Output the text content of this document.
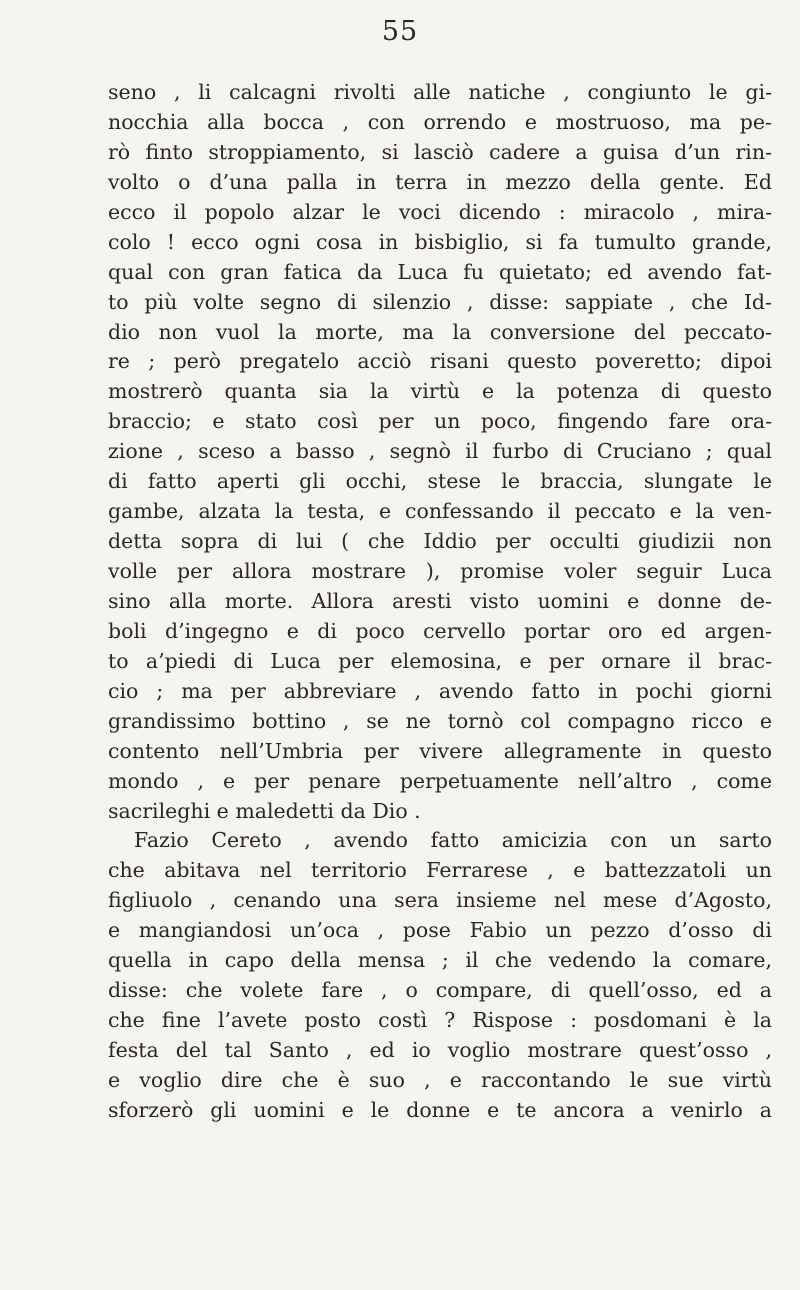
55
seno , li calcagni rivolti alle natiche , congiunto le gi-
nocchia alla bocca , con orrendo e mostruoso, ma pe-
rò finto stroppiamento, si lasciò cadere a guisa d’un rin-
volto o d’una palla in terra in mezzo della gente. Ed
ecco il popolo alzar le voci dicendo : miracolo , mira-
colo ! ecco ogni cosa in bisbiglio, si fa tumulto grande,
qual con gran fatica da Luca fu quietato; ed avendo fat-
to più volte segno di silenzio , disse: sappiate , che Id-
dio non vuol la morte, ma la conversione del peccato-
re ; però pregatelo acciò risani questo poveretto; dipoi
mostrerò quanta sia la virtù e la potenza di questo
braccio; e stato così per un poco, fingendo fare ora-
zione , sceso a basso , segnò il furbo di Cruciano ; qual
di fatto aperti gli occhi, stese le braccia, slungate le
gambe, alzata la testa, e confessando il peccato e la ven-
detta sopra di lui ( che Iddio per occulti giudizii non
volle per allora mostrare ), promise voler seguir Luca
sino alla morte. Allora aresti visto uomini e donne de-
boli d’ingegno e di poco cervello portar oro ed argen-
to a’piedi di Luca per elemosina, e per ornare il brac-
cio ; ma per abbreviare , avendo fatto in pochi giorni
grandissimo bottino , se ne tornò col compagno ricco e
contento nell’Umbria per vivere allegramente in questo
mondo , e per penare perpetuamente nell’altro , come
sacrileghi e maledetti da Dio .
Fazio Cereto , avendo fatto amicizia con un sarto
che abitava nel territorio Ferrarese , e battezzatoli un
figliuolo , cenando una sera insieme nel mese d’Agosto,
e mangiandosi un’oca , pose Fabio un pezzo d’osso di
quella in capo della mensa ; il che vedendo la comare,
disse: che volete fare , o compare, di quell’osso, ed a
che fine l’avete posto costì ? Rispose : posdomani è la
festa del tal Santo , ed io voglio mostrare quest’osso ,
e voglio dire che è suo , e raccontando le sue virtù
sforzerò gli uomini e le donne e te ancora a venirlo a
